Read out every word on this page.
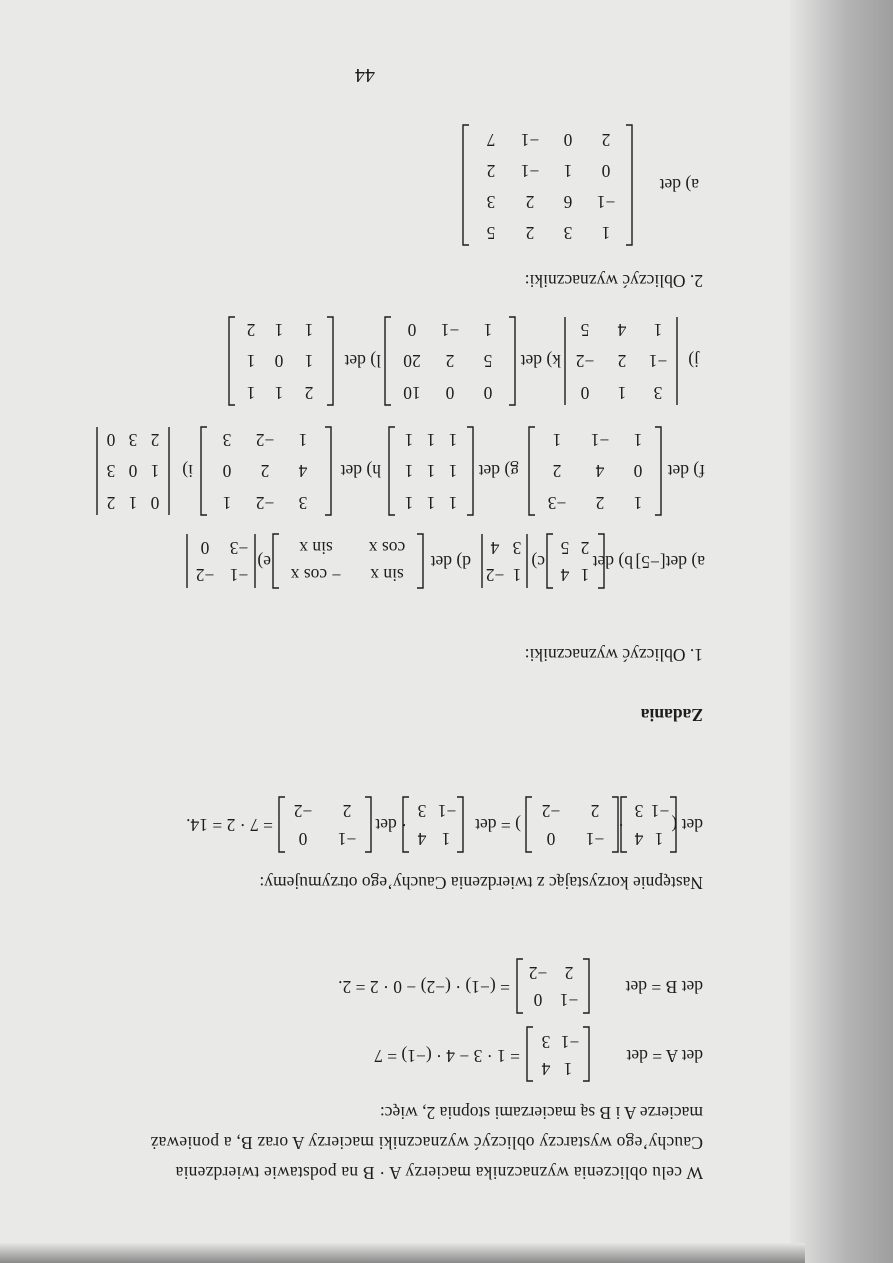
44
W celu obliczenia wyznacznika macierzy A · B na podstawie twierdzenia
Cauchy’ego wystarczy obliczyć wyznaczniki macierzy A oraz B, a ponieważ
macierze A i B są macierzami stopnia 2, więc:
det A = det
1
4
−1
3
= 1 · 3 − 4 · (−1) = 7
det B = det
−1
0
2
−2
= (−1) · (−2) − 0 · 2 = 2.
Następnie korzystając z twierdzenia Cauchy’ego otrzymujemy:
det (
1
4
−1
3
·
−1
0
2
−2
) = det
1
4
−1
3
· det
−1
0
2
−2
= 7 · 2 = 14.
Zadania
1. Obliczyć wyznaczniki:
a) det[−5]
b) det
1
4
2
5
c)
1
−2
3
4
d) det
sin x
− cos x
cos x
sin x
e)
−1
−2
−3
0
f) det
1
2
−3
0
4
2
1
−1
1
g) det
1
1
1
1
1
1
1
1
1
h) det
3
−2
1
4
2
0
1
−2
3
i)
0
1
2
1
0
3
2
3
0
j)
3
1
0
−1
2
−2
1
4
5
k) det
0
0
10
5
2
20
1
−1
0
l) det
2
1
1
1
0
1
1
1
2
2. Obliczyć wyznaczniki:
a) det
1
3
2
5
−1
6
2
3
0
1
−1
2
2
0
−1
7
